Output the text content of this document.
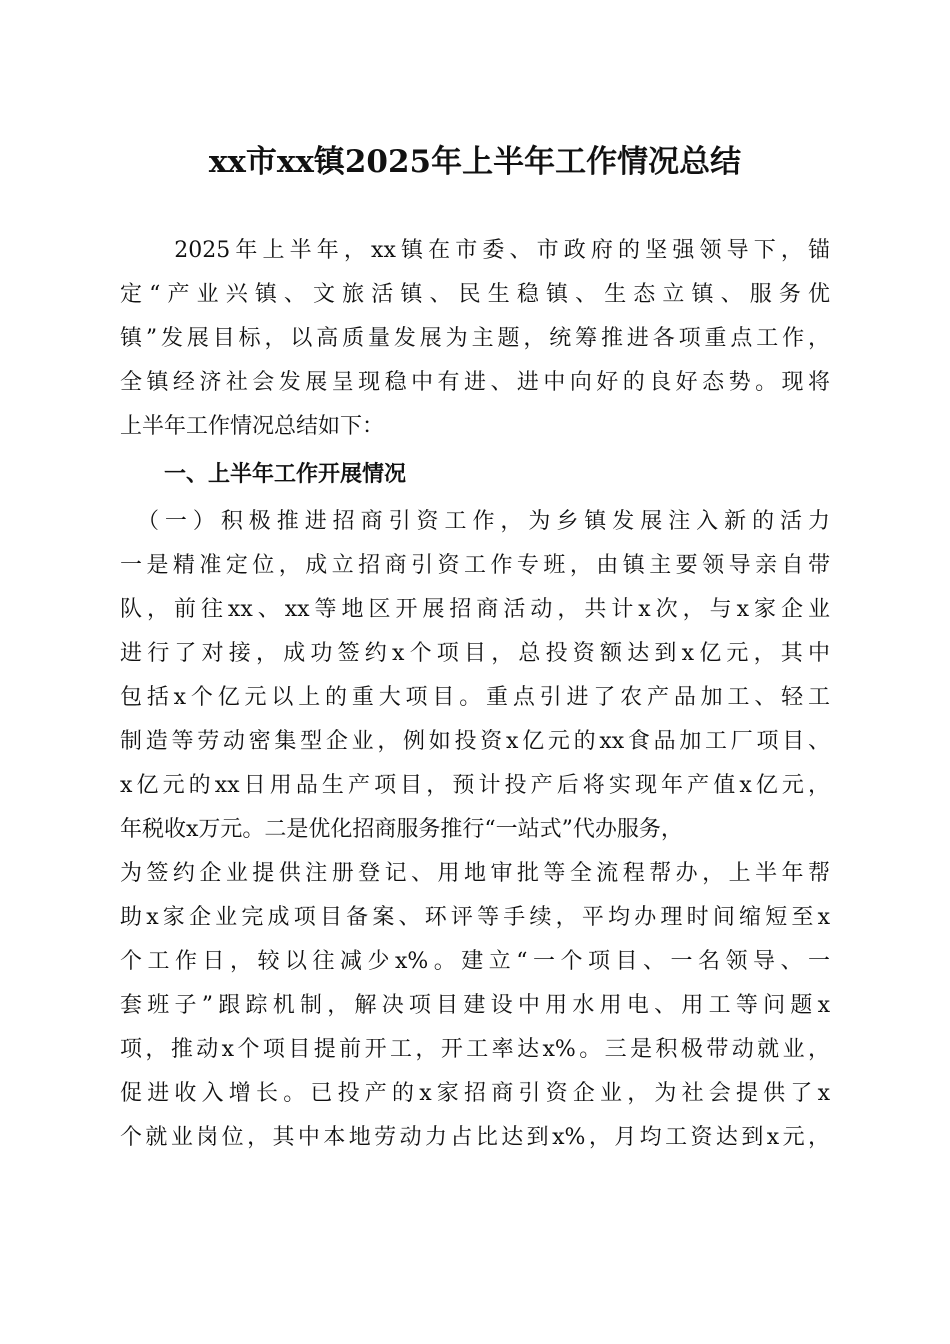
xx市xx镇2025年上半年工作情况总结
　　2025年上半年，xx镇在市委、市政府的坚强领导下，锚
定“产业兴镇、文旅活镇、民生稳镇、生态立镇、服务优
镇”发展目标，以高质量发展为主题，统筹推进各项重点工作，
全镇经济社会发展呈现稳中有进、进中向好的良好态势。现将
上半年工作情况总结如下：
　　一、上半年工作开展情况
　（一）积极推进招商引资工作，为乡镇发展注入新的活力
一是精准定位，成立招商引资工作专班，由镇主要领导亲自带
队，前往xx、xx等地区开展招商活动，共计x次，与x家企业
进行了对接，成功签约x个项目，总投资额达到x亿元，其中
包括x个亿元以上的重大项目。重点引进了农产品加工、轻工
制造等劳动密集型企业，例如投资x亿元的xx食品加工厂项目、
x亿元的xx日用品生产项目，预计投产后将实现年产值x亿元，
年税收x万元。二是优化招商服务推行“一站式”代办服务，
为签约企业提供注册登记、用地审批等全流程帮办，上半年帮
助x家企业完成项目备案、环评等手续，平均办理时间缩短至x
个工作日，较以往减少x%。建立“一个项目、一名领导、一
套班子”跟踪机制，解决项目建设中用水用电、用工等问题x
项，推动x个项目提前开工，开工率达x%。三是积极带动就业，
促进收入增长。已投产的x家招商引资企业，为社会提供了x
个就业岗位，其中本地劳动力占比达到x%，月均工资达到x元，
